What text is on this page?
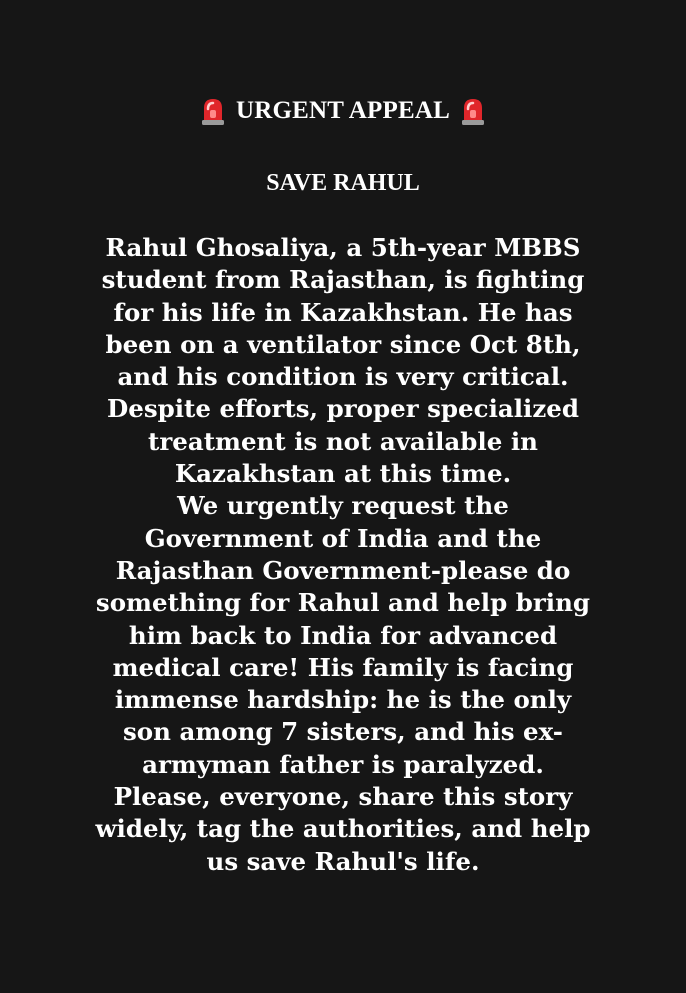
URGENT APPEAL
SAVE RAHUL
Rahul Ghosaliya, a 5th-year MBBS
student from Rajasthan, is fighting
for his life in Kazakhstan. He has
been on a ventilator since Oct 8th,
and his condition is very critical.
Despite efforts, proper specialized
treatment is not available in
Kazakhstan at this time.
We urgently request the
Government of India and the
Rajasthan Government-please do
something for Rahul and help bring
him back to India for advanced
medical care! His family is facing
immense hardship: he is the only
son among 7 sisters, and his ex-
armyman father is paralyzed.
Please, everyone, share this story
widely, tag the authorities, and help
us save Rahul's life.
